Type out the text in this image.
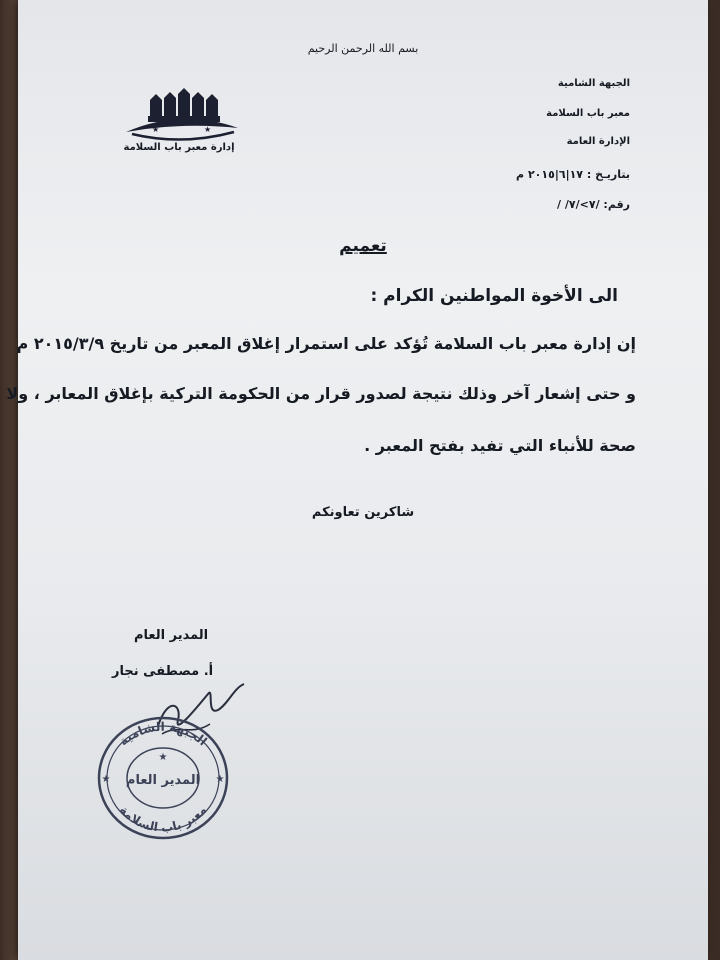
بسم الله الرحمن الرحيم
الجبهة الشامية
معبر باب السلامة
الإدارة العامة
بتاريـخ : ١٧|٦|٢٠١٥ م
رقم: /٧>/٧/ /
★
★
★
إدارة معبر باب السلامة
تعميم
الى الأخوة المواطنين الكرام :
إن إدارة معبر باب السلامة تُؤكد على استمرار إغلاق المعبر من تاريخ ٢٠١٥/٣/٩ م
و حتى إشعار آخر وذلك نتيجة لصدور قرار من الحكومة التركية بإغلاق المعابر ، ولا
صحة للأنباء التي تفيد بفتح المعبر .
شاكرين تعاونكم
المدير العام
أ. مصطفى نجار
الجبهة الشامية
معبر باب السلامة
المدير العام
★
★	★
